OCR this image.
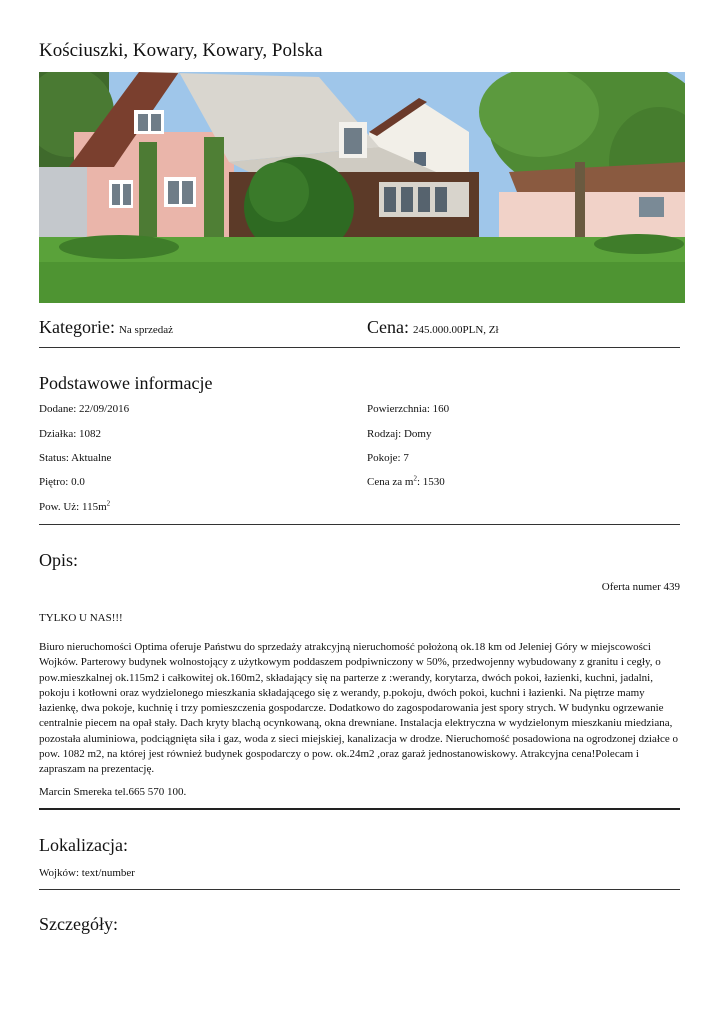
Kościuszki, Kowary, Kowary, Polska
Kategorie: Na sprzedaż	Cena: 245.000.00PLN, Zł
Podstawowe informacje
Dodane: 22/09/2016
Działka: 1082
Status: Aktualne
Piętro: 0.0
Pow. Uż: $115m^2$
Powierzchnia: 160
Rodzaj: Domy
Pokoje: 7
Cena za $m^2$: 1530
Opis:
Oferta numer 439

TYLKO U NAS!!!

Biuro nieruchomości Optima oferuje Państwu do sprzedaży atrakcyjną nieruchomość położoną ok.18 km od Jeleniej Góry w miejscowości Wojków. Parterowy budynek wolnostojący z użytkowym poddaszem podpiwniczony w 50%, przedwojenny wybudowany z granitu i cegły, o pow.mieszkalnej ok.115m2 i całkowitej ok.160m2, składający się na parterze z :werandy, korytarza, dwóch pokoi, łazienki, kuchni, jadalni, pokoju i kotłowni oraz wydzielonego mieszkania składającego się z werandy, p.pokoju, dwóch pokoi, kuchni i łazienki. Na piętrze mamy łazienkę, dwa pokoje, kuchnię i trzy pomieszczenia gospodarcze. Dodatkowo do zagospodarowania jest spory strych. W budynku ogrzewanie centralnie piecem na opał stały. Dach kryty blachą ocynkowaną, okna drewniane. Instalacja elektryczna w wydzielonym mieszkaniu miedziana, pozostała aluminiowa, podciągnięta siła i gaz, woda z sieci miejskiej, kanalizacja w drodze. Nieruchomość posadowiona na ogrodzonej działce o pow. 1082 m2, na której jest również budynek gospodarczy o pow. ok.24m2 ,oraz garaż jednostanowiskowy. Atrakcyjna cena!Polecam i zapraszam na prezentację.

Marcin Smereka tel.665 570 100.

Lokalizacja:

Wojków: text/number

Szczegóły:
